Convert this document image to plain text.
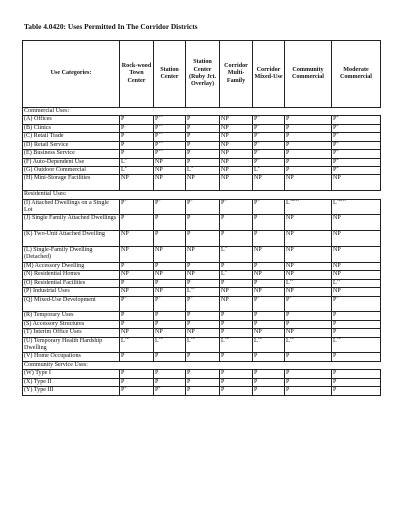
Table 4.0420: Uses Permitted In The Corridor Districts
Use Categories:	Rock-wood Town Center	Station Center	Station Center (Ruby Jct. Overlay)	Corridor Multi-Family	Corridor Mixed-Use	Community Commercial	Moderate Commercial
Commercial Uses:							
(A) Offices	P	$P^{10}$	P	NP	$P^5$	P	$P^4$
(B) Clinics	P	$P^{10}$	P	NP	$P^5$	P	$P^4$
(C) Retail Trade	P	$P^{10}$	P	NP	$P^5$	P	$P^4$
(D) Retail Service	P	$P^{10}$	P	NP	$P^5$	P	$P^4$
(E) Business Service	P	$P^{10}$	P	NP	$P^5$	P	$P^4$
(F) Auto-Dependent Use	$L^1$	NP	P	NP	$P^5$	P	$P^4$
(G) Outdoor Commercial	$L^2$	NP	$L^3$	NP	$L^2$	P	$P^4$
(H) Mini-Storage Facilities	NP	NP	NP	NP	NP	NP	NP
Residential Uses:							
(I) Attached Dwellings on a Single Lot	$P^9$	$P^9$	$P^9$	$P^9$	$P^9$	$L^{9\&11}$	$L^{9\&11}$
(J) Single Family Attached Dwellings	P	P	P	P	P	NP	NP
(K) Two-Unit Attached Dwelling	NP	P	P	P	P	NP	NP
(L) Single-Family Dwelling (Detached)	NP	NP	NP	$L^8$	NP	NP	NP
(M) Accessory Dwelling	P	P	P	P	P	NP	NP
(N) Residential Homes	NP	NP	NP	$L^8$	NP	NP	NP
(O) Residential Facilities	P	P	P	P	P	$L^{11}$	$L^{11}$
(P) Industrial Uses	NP	NP	L$^{6,7}$	NP	NP	NP	NP
(Q) Mixed-Use Development	$P^9$	$P^9$	$P^9$	NP	$P^9$	$P^9$	$P^9$
(R) Temporary Uses	P	P	P	P	P	P	P
(S) Accessory Structures	P	P	P	P	P	P	P
(T) Interim Office Uses	NP	NP	NP	P	NP	NP	P
(U) Temporary Health Hardship Dwelling	$L^{12}$	$L^{12}$	$L^{12}$	$L^{12}$	$L^{12}$	$L^{12}$	$L^{12}$
(V) Home Occupations	P	P	P	P	P	P	P
Community Service Uses:							
(W) Type I	P	P	P	P	P	P	P
(X) Type II	P	P	P	P	P	P	P
(Y) Type III	$P^2$	$P^2$	P	P	P	P	P
